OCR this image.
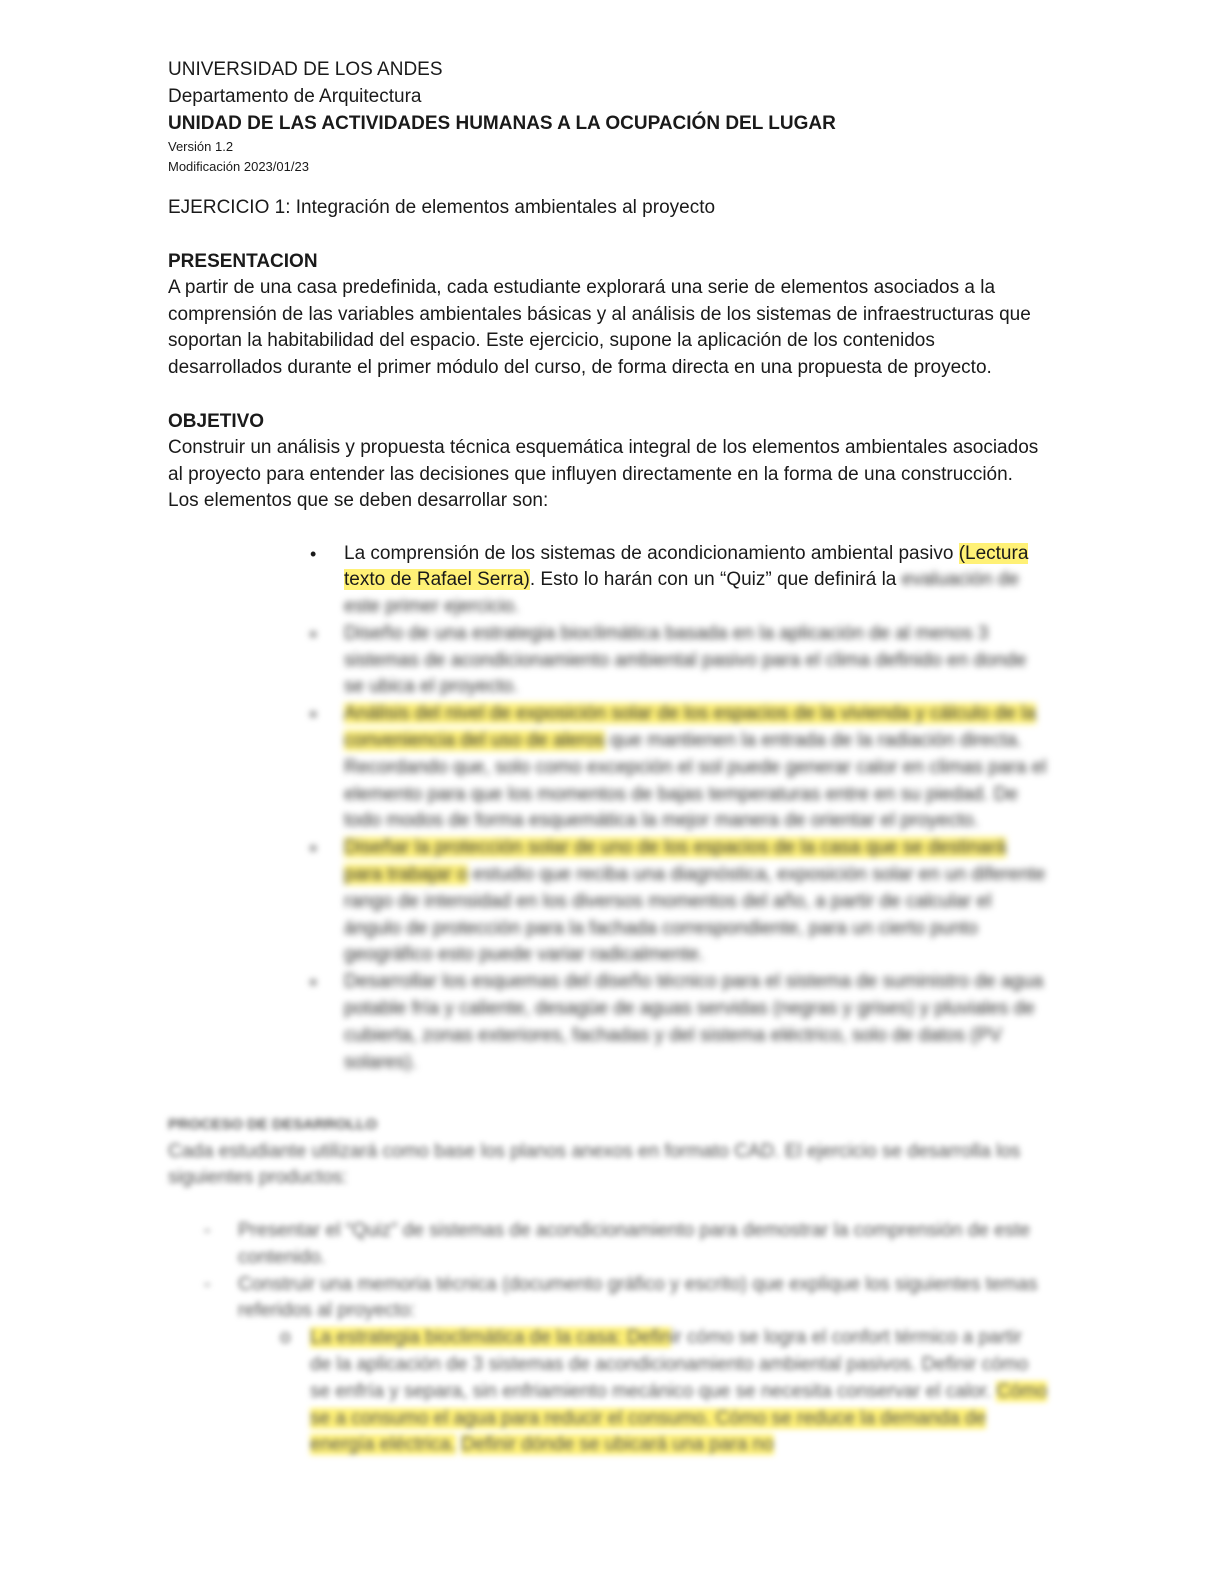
UNIVERSIDAD DE LOS ANDES

Departamento de Arquitectura

UNIDAD DE LAS ACTIVIDADES HUMANAS A LA OCUPACIÓN DEL LUGAR

Versión 1.2

Modificación 2023/01/23

EJERCICIO 1: Integración de elementos ambientales al proyecto

PRESENTACION

A partir de una casa predefinida, cada estudiante explorará una serie de elementos asociados a la comprensión de las variables ambientales básicas y al análisis de los sistemas de infraestructuras que soportan la habitabilidad del espacio. Este ejercicio, supone la aplicación de los contenidos desarrollados durante el primer módulo del curso, de forma directa en una propuesta de proyecto.

OBJETIVO

Construir un análisis y propuesta técnica esquemática integral de los elementos ambientales asociados al proyecto para entender las decisiones que influyen directamente en la forma de una construcción. Los elementos que se deben desarrollar son:

• La comprensión de los sistemas de acondicionamiento ambiental pasivo (Lectura texto de Rafael Serra). Esto lo harán con un “Quiz” que definirá la evaluación de este primer ejercicio.
▪ Diseño de una estrategia bioclimática basada en la aplicación de al menos 3 sistemas de acondicionamiento ambiental pasivo para el clima definido en donde se ubica el proyecto.
▪ Análisis del nivel de exposición solar de los espacios de la vivienda y cálculo de la conveniencia del uso de aleros que mantienen la entrada de la radiación directa. Recordando que, solo como excepción el sol puede generar calor en climas para el elemento para que los momentos de bajas temperaturas entre en su piedad. De todo modos de forma esquemática la mejor manera de orientar el proyecto.
▪ Diseñar la protección solar de uno de los espacios de la casa que se destinará para trabajar o estudio que reciba una diagnóstica, exposición solar en un diferente rango de intensidad en los diversos momentos del año, a partir de calcular el ángulo de protección para la fachada correspondiente, para un cierto punto geográfico esto puede variar radicalmente.
▪ Desarrollar los esquemas del diseño técnico para el sistema de suministro de agua potable fría y caliente, desagüe de aguas servidas (negras y grises) y pluviales de cubierta, zonas exteriores, fachadas y del sistema eléctrico, solo de datos (PV solares).

PROCESO DE DESARROLLO

Cada estudiante utilizará como base los planos anexos en formato CAD. El ejercicio se desarrolla los siguientes productos:

- Presentar el “Quiz” de sistemas de acondicionamiento para demostrar la comprensión de este contenido.
- Construir una memoria técnica (documento gráfico y escrito) que explique los siguientes temas referidos al proyecto:
o La estrategia bioclimática de la casa: Definir cómo se logra el confort térmico a partir de la aplicación de 3 sistemas de acondicionamiento ambiental pasivos. Definir cómo se enfría y separa, sin enfriamiento mecánico que se necesita conservar el calor. Cómo se a consumo el agua para reducir el consumo. Cómo se reduce la demanda de energía eléctrica. Definir dónde se ubicará una para no
